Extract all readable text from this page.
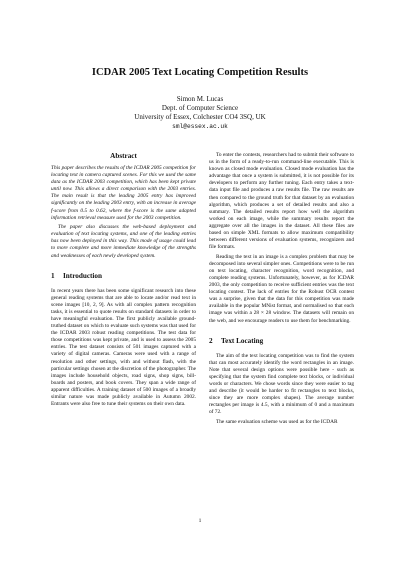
ICDAR 2005 Text Locating Competition Results
Simon M. Lucas
Dept. of Computer Science
University of Essex, Colchester CO4 3SQ, UK
sml@essex.ac.uk
Abstract

This paper describes the results of the ICDAR 2005 competition for locating text in camera captured scenes. For this we used the same data as the ICDAR 2003 competition, which has been kept private until now. This allows a direct comparison with the 2003 entries. The main result is that the leading 2005 entry has improved significantly on the leading 2003 entry, with an increase in average f-score from 0.5 to 0.62, where the f-score is the same adapted information retrieval measure used for the 2003 competition.

The paper also discusses the web-based deployment and evaluation of text locating systems, and one of the leading entries has now been deployed in this way. This mode of usage could lead to more complete and more immediate knowledge of the strengths and weaknesses of each newly developed system.

1 Introduction

In recent years there has been some significant research into these general reading systems that are able to locate and/or read text in scene images [10, 2, 9]. As with all complex pattern recognition tasks, it is essential to quote results on standard datasets in order to have meaningful evaluation. The first publicly available ground-truthed dataset on which to evaluate such systems was that used for the ICDAR 2003 robust reading competitions. The test data for those competitions was kept private, and is used to assess the 2005 entries. The test dataset consists of 501 images captured with a variety of digital cameras. Cameras were used with a range of resolution and other settings, with and without flash, with the particular settings chosen at the discretion of the photographer. The images include household objects, road signs, shop signs, bill-boards and posters, and book covers. They span a wide range of apparent difficulties. A training dataset of 500 images of a broadly similar nature was made publicly available in Autumn 2002. Entrants were also free to tune their systems on their own data.

To enter the contests, researchers had to submit their software to us in the form of a ready-to-run command-line executable. This is known as closed mode evaluation. Closed mode evaluation has the advantage that once a system is submitted, it is not possible for its developers to perform any further tuning. Each entry takes a text-data input file and produces a raw results file. The raw results are then compared to the ground truth for that dataset by an evaluation algorithm, which produces a set of detailed results and also a summary. The detailed results report how well the algorithm worked on each image, while the summary results report the aggregate over all the images in the dataset. All these files are based on simple XML formats to allow maximum compatibility between different versions of evaluation systems, recognizers and file formats.

Reading the text in an image is a complex problem that may be decomposed into several simpler ones. Competitions were to be run on text locating, character recognition, word recognition, and complete reading systems. Unfortunately, however, as for ICDAR 2003, the only competition to receive sufficient entries was the text locating contest. The lack of entries for the Robust OCR contest was a surprise, given that the data for this competition was made available in the popular MNist format, and normalised so that each image was within a 28 × 28 window. The datasets will remain on the web, and we encourage readers to use them for benchmarking.

2 Text Locating

The aim of the text locating competition was to find the system that can most accurately identify the word rectangles in an image. Note that several design options were possible here - such as specifying that the system find complete text blocks, or individual words or characters. We chose words since they were easier to tag and describe (it would be harder to fit rectangles to text blocks, since they are more complex shapes). The average number rectangles per image is 4.5, with a minimum of 0 and a maximum of 72.

The same evaluation scheme was used as for the ICDAR

1
